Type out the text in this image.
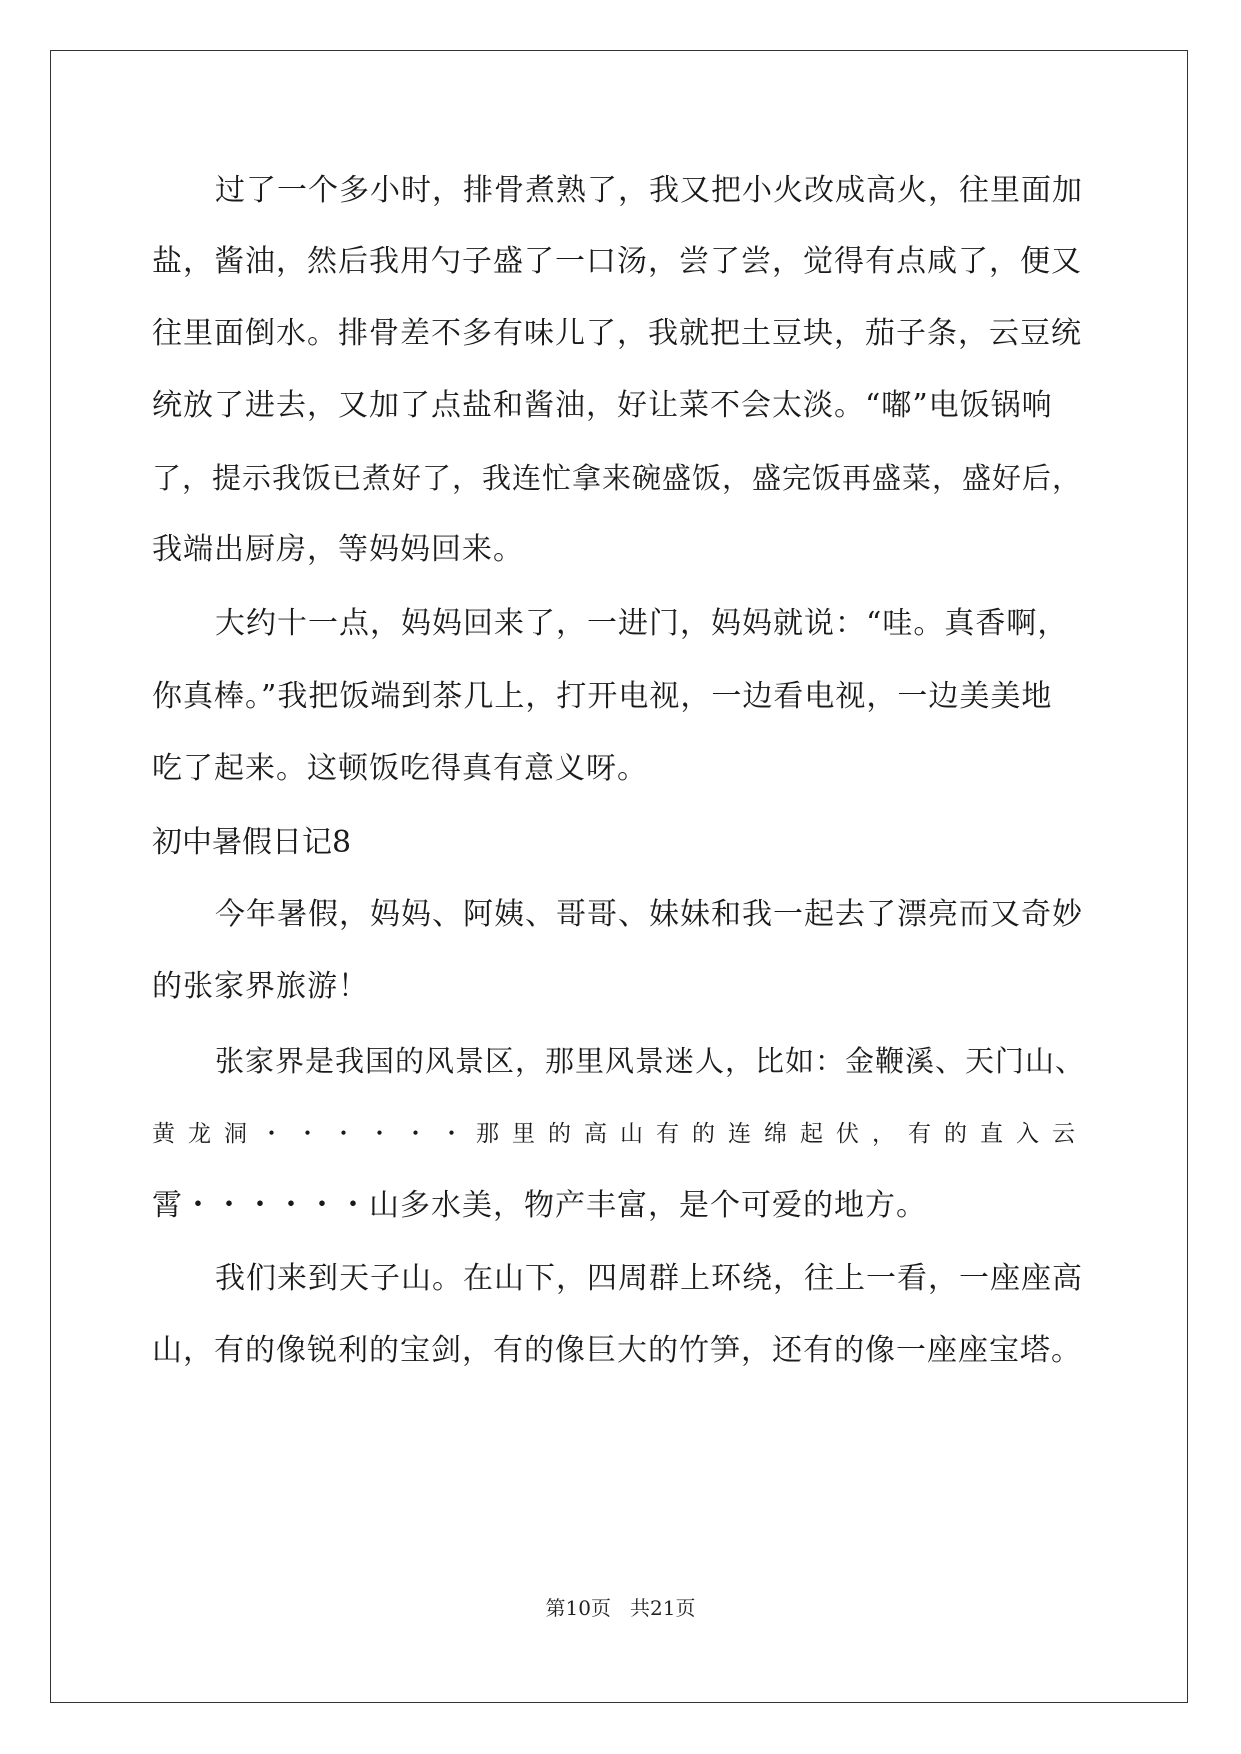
过了一个多小时，排骨煮熟了，我又把小火改成高火，往里面加
盐，酱油，然后我用勺子盛了一口汤，尝了尝，觉得有点咸了，便又
往里面倒水。排骨差不多有味儿了，我就把土豆块，茄子条，云豆统
统放了进去，又加了点盐和酱油，好让菜不会太淡。“嘟”电饭锅响
了，提示我饭已煮好了，我连忙拿来碗盛饭，盛完饭再盛菜，盛好后，
我端出厨房，等妈妈回来。
大约十一点，妈妈回来了，一进门，妈妈就说：“哇。真香啊，
你真棒。”我把饭端到茶几上，打开电视，一边看电视，一边美美地
吃了起来。这顿饭吃得真有意义呀。
初中暑假日记8
今年暑假，妈妈、阿姨、哥哥、妹妹和我一起去了漂亮而又奇妙
的张家界旅游！
张家界是我国的风景区，那里风景迷人，比如：金鞭溪、天门山、
黄龙洞・・・・・・那里的高山有的连绵起伏，有的直入云
霄・・・・・・山多水美，物产丰富，是个可爱的地方。
我们来到天子山。在山下，四周群上环绕，往上一看，一座座高
山，有的像锐利的宝剑，有的像巨大的竹笋，还有的像一座座宝塔。
第10页 共21页
